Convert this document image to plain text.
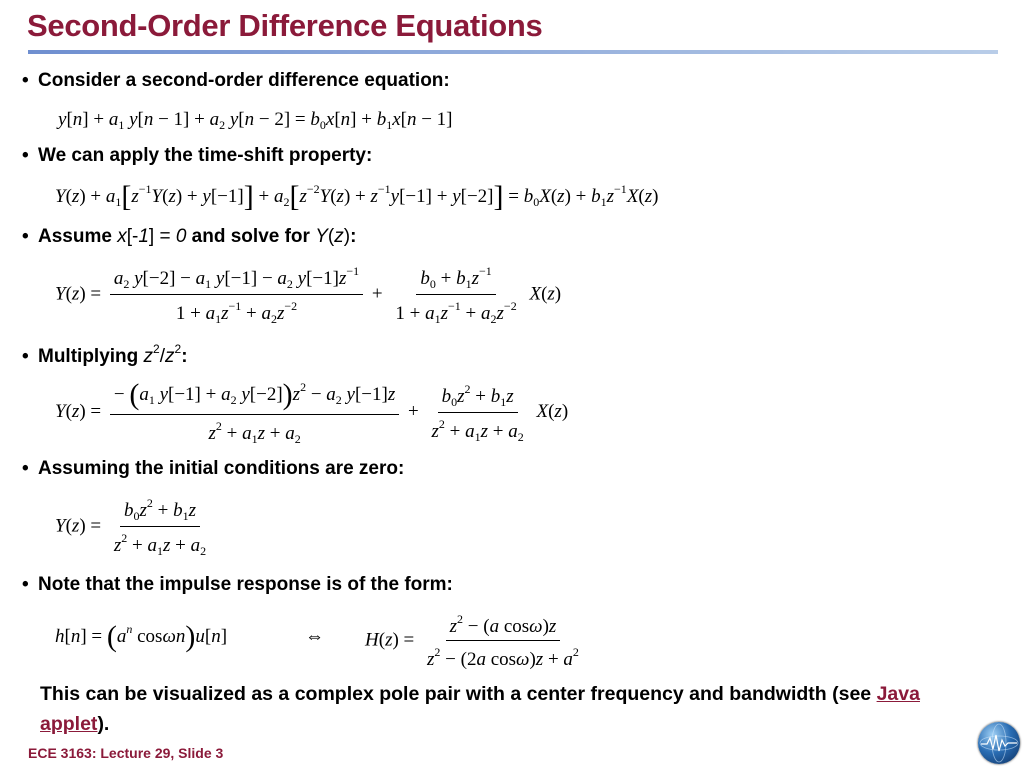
Second-Order Difference Equations
• Consider a second-order difference equation:
$y[n] + a_1$ $y[n - 1] + a_2$ $y[n - 2] = b_0x[n] + b_1x[n - 1]$
• We can apply the time-shift property:
$Y(z) + a_1[z^{-1}Y(z) + y[-1]] + a_2[z^{-2}Y(z) + z^{-1}y[-1] + y[-2]] = b_0X(z) + b_1z^{-1}X(z)$
• Assume x[-1] = 0 and solve for Y(z):
$Y(z) = \frac{a_2 y[-2] - a_1 y[-1] - a_2 y[-1]z^{-1}}{1 + a_1z^{-1} + a_2z^{-2}} + \frac{b_0 + b_1z^{-1}}{1 + a_1z^{-1} + a_2z^{-2}} X(z)$
• Multiplying $z^2/z^2$:
$Y(z) = \frac{- (a_1 y[-1] + a_2 y[-2])z^2 - a_2 y[-1]z}{z^2 + a_1z + a_2} + \frac{b_0z^2 + b_1z}{z^2 + a_1z + a_2} X(z)$
• Assuming the initial conditions are zero:
$Y(z) = \frac{b_0z^2 + b_1z}{z^2 + a_1z + a_2}$
• Note that the impulse response is of the form:
$h[n] = (a^n$ cosωn)u[n]	⇔ $H(z) = \frac{z^2 - (a \cos\omega)z}{z^2 - (2a \cos\omega)z + a^2}$
This can be visualized as a complex pole pair with a center frequency and bandwidth (see Java applet).
ECE 3163: Lecture 29, Slide 3
